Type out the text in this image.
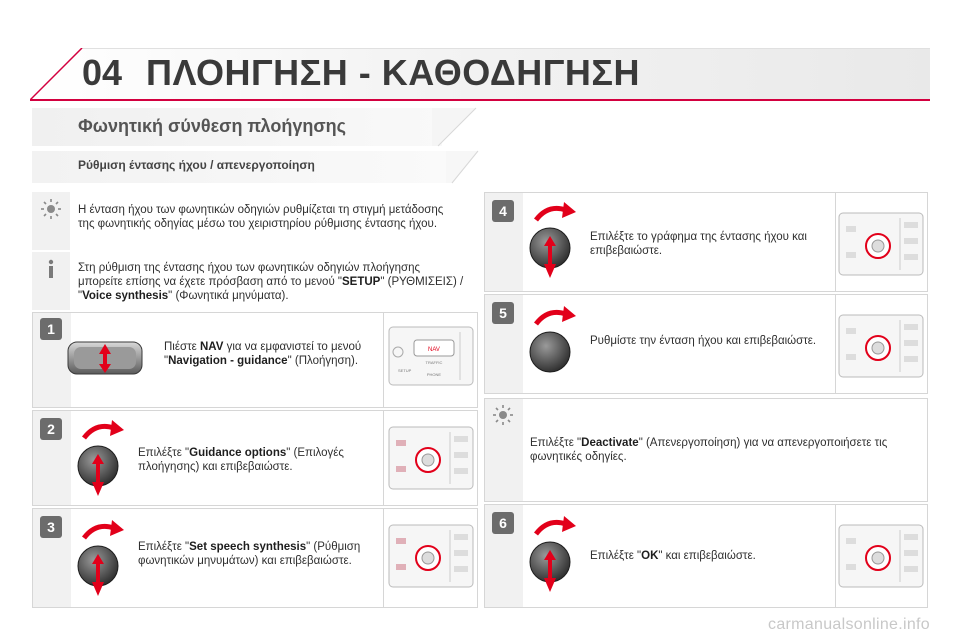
04 ΠΛΟΗΓΗΣΗ - ΚΑΘΟΔΗΓΗΣΗ
Φωνητική σύνθεση πλοήγησης
Ρύθμιση έντασης ήχου / απενεργοποίηση
Η ένταση ήχου των φωνητικών οδηγιών ρυθμίζεται τη στιγμή μετάδοσης της φωνητικής οδηγίας μέσω του χειριστηρίου ρύθμισης έντασης ήχου.
Στη ρύθμιση της έντασης ήχου των φωνητικών οδηγιών πλοήγησης μπορείτε επίσης να έχετε πρόσβαση από το μενού "SETUP" (ΡΥΘΜΙΣΕΙΣ) / "Voice synthesis" (Φωνητικά μηνύματα).
1
Πιέστε NAV για να εμφανιστεί το μενού "Navigation - guidance" (Πλοήγηση).
NAV
TRAFFIC
PHONE
SETUP
2
Επιλέξτε "Guidance options" (Επιλογές πλοήγησης) και επιβεβαιώστε.
3
Επιλέξτε "Set speech synthesis" (Ρύθμιση φωνητικών μηνυμάτων) και επιβεβαιώστε.
4
Επιλέξτε το γράφημα της έντασης ήχου και επιβεβαιώστε.
5
Ρυθμίστε την ένταση ήχου και επιβεβαιώστε.
Επιλέξτε "Deactivate" (Απενεργοποίηση) για να απενεργοποιήσετε τις φωνητικές οδηγίες.
6
Επιλέξτε "OK" και επιβεβαιώστε.
carmanualsonline.info
